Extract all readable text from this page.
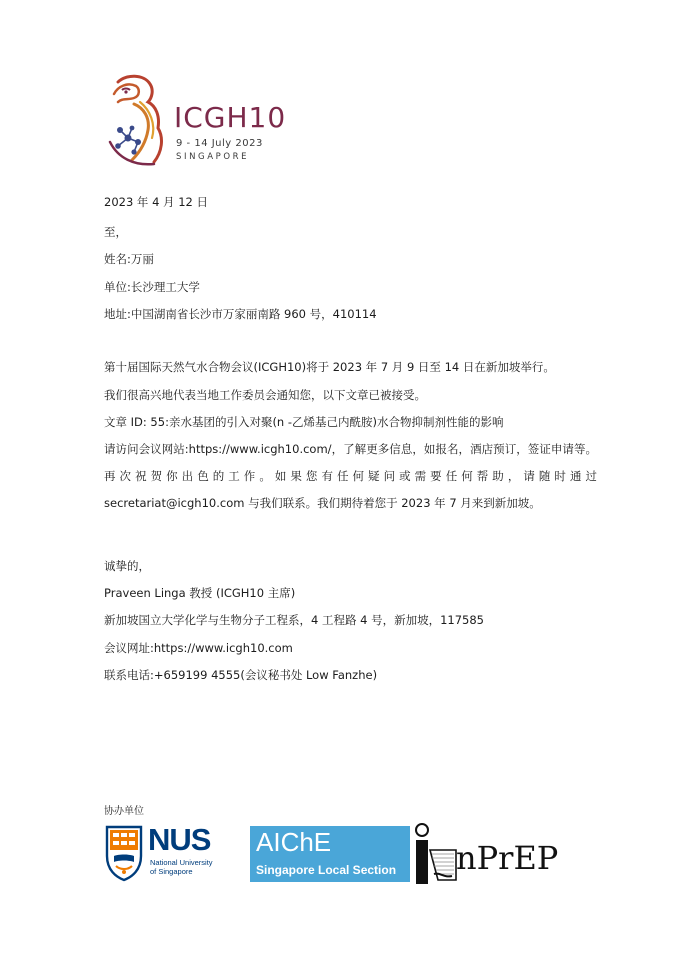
ICGH10
9 - 14 July 2023
SINGAPORE
2023 年 4 月 12 日
至，
姓名:万丽
单位:长沙理工大学
地址:中国湖南省长沙市万家丽南路 960 号，410114
第十届国际天然气水合物会议(ICGH10)将于 2023 年 7 月 9 日至 14 日在新加坡举行。
我们很高兴地代表当地工作委员会通知您，以下文章已被接受。
文章 ID: 55:亲水基团的引入对聚(n -乙烯基己内酰胺)水合物抑制剂性能的影响
请访问会议网站:https://www.icgh10.com/，了解更多信息，如报名，酒店预订，签证申请等。再次祝贺你出色的工作。如果您有任何疑问或需要任何帮助，请随时通过secretariat@icgh10.com 与我们联系。我们期待着您于 2023 年 7 月来到新加坡。
诚挚的，
Praveen Linga 教授 (ICGH10 主席)
新加坡国立大学化学与生物分子工程系，4 工程路 4 号，新加坡，117585
会议网址:https://www.icgh10.com
联系电话:+659199 4555(会议秘书处 Low Fanzhe)
协办单位
NUS
National University
of Singapore
AIChE
Singapore Local Section nPrEP
